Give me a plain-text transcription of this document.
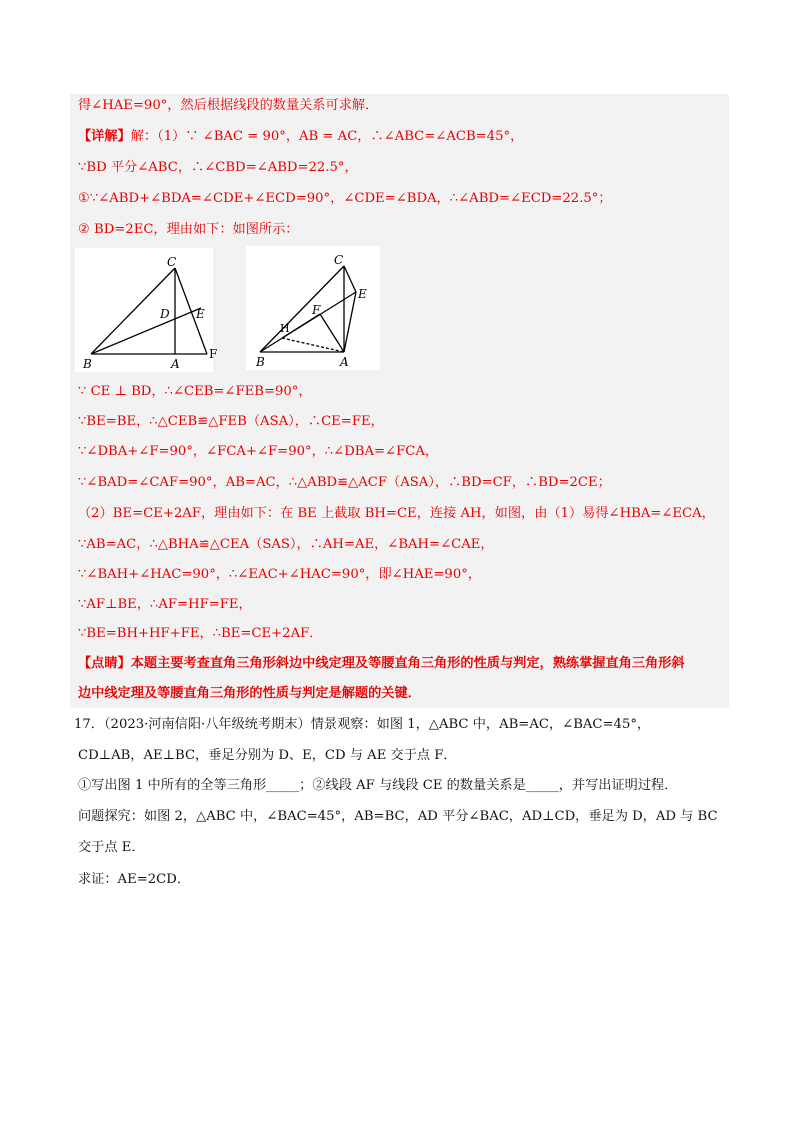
得∠HAE=90°，然后根据线段的数量关系可求解．
【详解】解：（1）∵ ∠BAC = 90°，AB = AC，∴∠ABC=∠ACB=45°，
∵BD 平分∠ABC，∴∠CBD=∠ABD=22.5°，
①∵∠ABD+∠BDA=∠CDE+∠ECD=90°，∠CDE=∠BDA，∴∠ABD=∠ECD=22.5°；
② BD=2EC，理由如下：如图所示：
C
D E
B	A
F
C
F
E
H
B	A
∵ CE ⊥ BD，∴∠CEB=∠FEB=90°，
∵BE=BE，∴△CEB≌△FEB（ASA），∴CE=FE，
∵∠DBA+∠F=90°，∠FCA+∠F=90°，∴∠DBA=∠FCA，
∵∠BAD=∠CAF=90°，AB=AC，∴△ABD≌△ACF（ASA），∴BD=CF，∴BD=2CE；
（2）BE=CE+2AF，理由如下：在 BE 上截取 BH=CE，连接 AH，如图，由（1）易得∠HBA=∠ECA，
∵AB=AC，∴△BHA≌△CEA（SAS），∴AH=AE，∠BAH=∠CAE，
∵∠BAH+∠HAC=90°，∴∠EAC+∠HAC=90°，即∠HAE=90°，
∵AF⊥BE，∴AF=HF=FE，
∵BE=BH+HF+FE，∴BE=CE+2AF．
【点睛】本题主要考查直角三角形斜边中线定理及等腰直角三角形的性质与判定，熟练掌握直角三角形斜
边中线定理及等腰直角三角形的性质与判定是解题的关键．
17．（2023·河南信阳·八年级统考期末）情景观察：如图 1，△ABC 中，AB=AC，∠BAC=45°，
CD⊥AB，AE⊥BC，垂足分别为 D、E，CD 与 AE 交于点 F．
①写出图 1 中所有的全等三角形_____；②线段 AF 与线段 CE 的数量关系是_____，并写出证明过程．
问题探究：如图 2，△ABC 中，∠BAC=45°，AB=BC，AD 平分∠BAC，AD⊥CD，垂足为 D，AD 与 BC
交于点 E．
求证：AE=2CD．
